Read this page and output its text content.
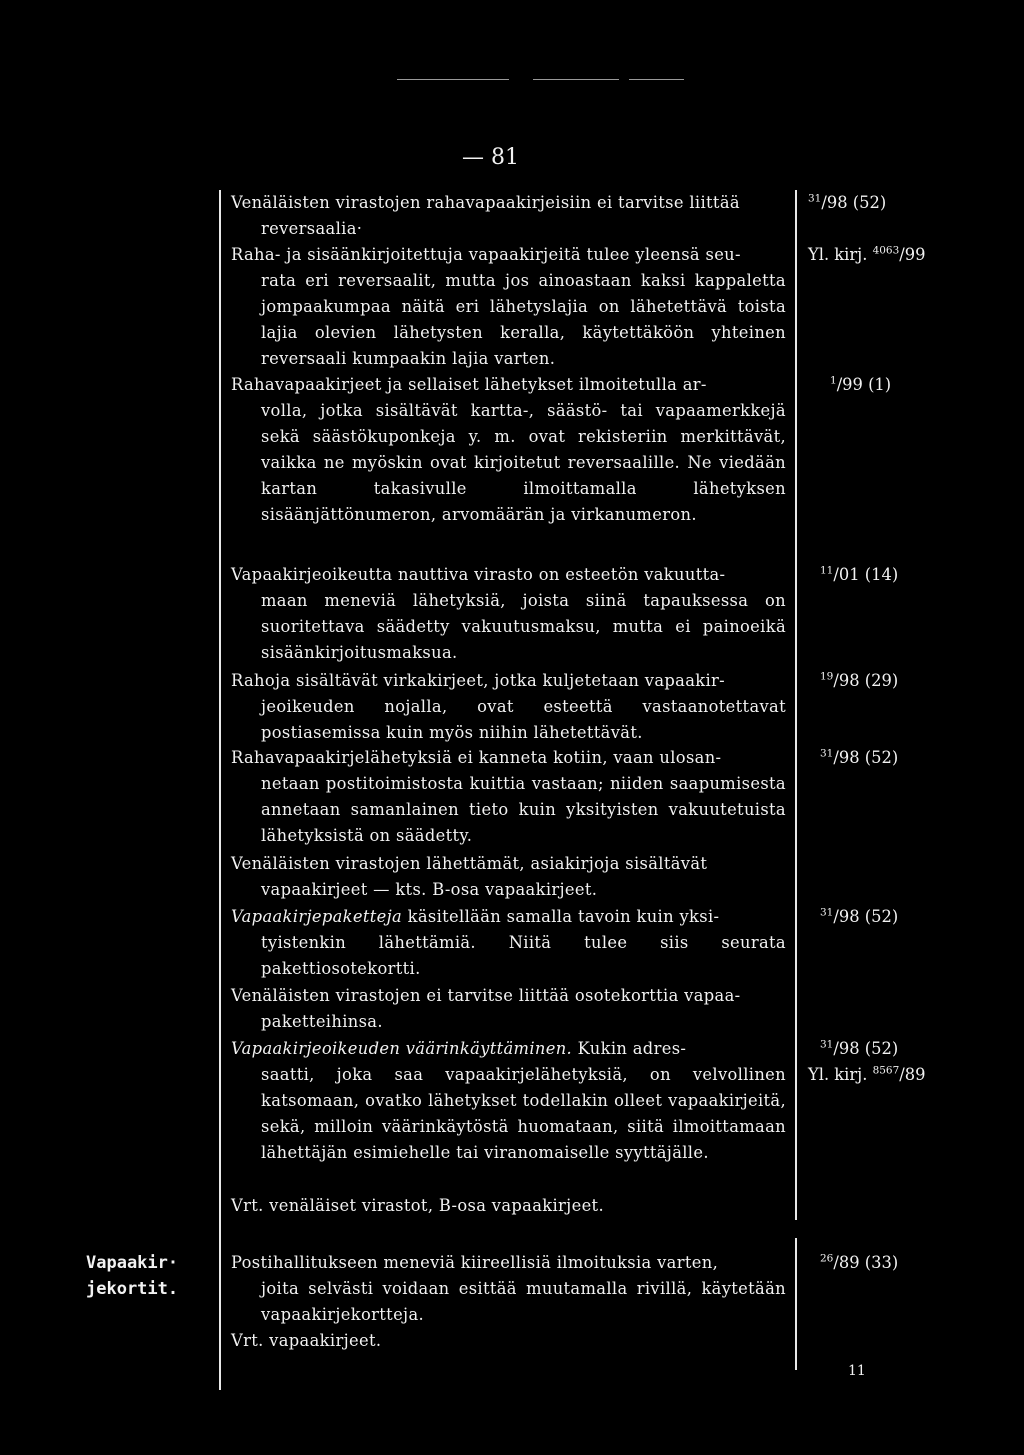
— 81
Venäläisten virastojen rahavapaakirjeisiin ei tarvitse liittää
reversaalia·
Raha- ja sisäänkirjoitettuja vapaakirjeitä tulee yleensä seu-
rata eri reversaalit, mutta jos ainoastaan kaksi kappaletta jompaakumpaa näitä eri lähetyslajia on lähetettävä toista lajia olevien lähetysten kеralla, käytettäköön yhteinen reversaali kumpaakin lajia varten.
Rahavapaakirjeet ja sellaiset lähetykset ilmoitetulla ar-
volla, jotka sisältävät kartta-, säästö- tai vapaamerkkejä sekä säästökuponkeja y. m. ovat rekisteriin merkittävät, vaikka ne myöskin ovat kirjoitetut reversaalille. Ne viedään kartan takasivulle ilmoittamalla lähetyksen sisäänjättönumeron, arvomäärän ja virkanumeron.
Vapaakirjeoikeutta nauttiva virasto on esteetön vakuutta-
maan meneviä lähetyksiä, joista siinä tapauksessa on suoritettava säädetty vakuutusmaksu, mutta ei painoeikä sisäänkirjoitusmaksua.
Rahoja sisältävät virkakirjeet, jotka kuljetetaan vapaakir-
jeoikeuden nojalla, ovat esteettä vastaanotettavat postiasemissa kuin myös niihin lähetettävät.
Rahavapaakirjelähetyksiä ei kanneta kotiin, vaan ulosan-
netaan postitoimistosta kuittia vastaan; niiden saapumisesta annetaan samanlainen tieto kuin yksityisten vakuutetuista lähetyksistä on säädetty.
Venäläisten virastojen lähettämät, asiakirjoja sisältävät
vapaakirjeet — kts. B-osa vapaakirjeet.
Vapaakirjepaketteja käsitellään samalla tavoin kuin yksi-
tyistenkin lähettämiä. Niitä tulee siis seurata pakettiosotekortti.
Venäläisten virastojen ei tarvitse liittää osotekorttia vapaa-
paketteihinsa.
Vapaakirjeoikeuden väärinkäyttäminen. Kukin adres-
saatti, joka saa vapaakirjelähetyksiä, on velvollinen katsomaan, ovatko lähetykset todellakin olleet vapaakirjeitä, sekä, milloin väärinkäytöstä huomataan, siitä ilmoittamaan lähettäjän esimiehelle tai viranomaiselle syyttäjälle.
Vrt. venäläiset virastot, B-osa vapaakirjeet.
Postihallitukseen meneviä kiireellisiä ilmoituksia varten,
joita selvästi voidaan esittää muutamalla rivillä, käytetään vapaakirjekortteja.
Vrt. vapaakirjeet.
Vapaakir·
jekortit.
$^{31}$/98 (52)
Yl. kirj. $^{4063}$/99
$^1$/99 (1)
$^{11}$/01 (14)
$^{19}$/98 (29)
$^{31}$/98 (52)
$^{31}$/98 (52)
$^{31}$/98 (52)
Yl. kirj. $^{8567}$/89
$^{26}$/89 (33)
11
